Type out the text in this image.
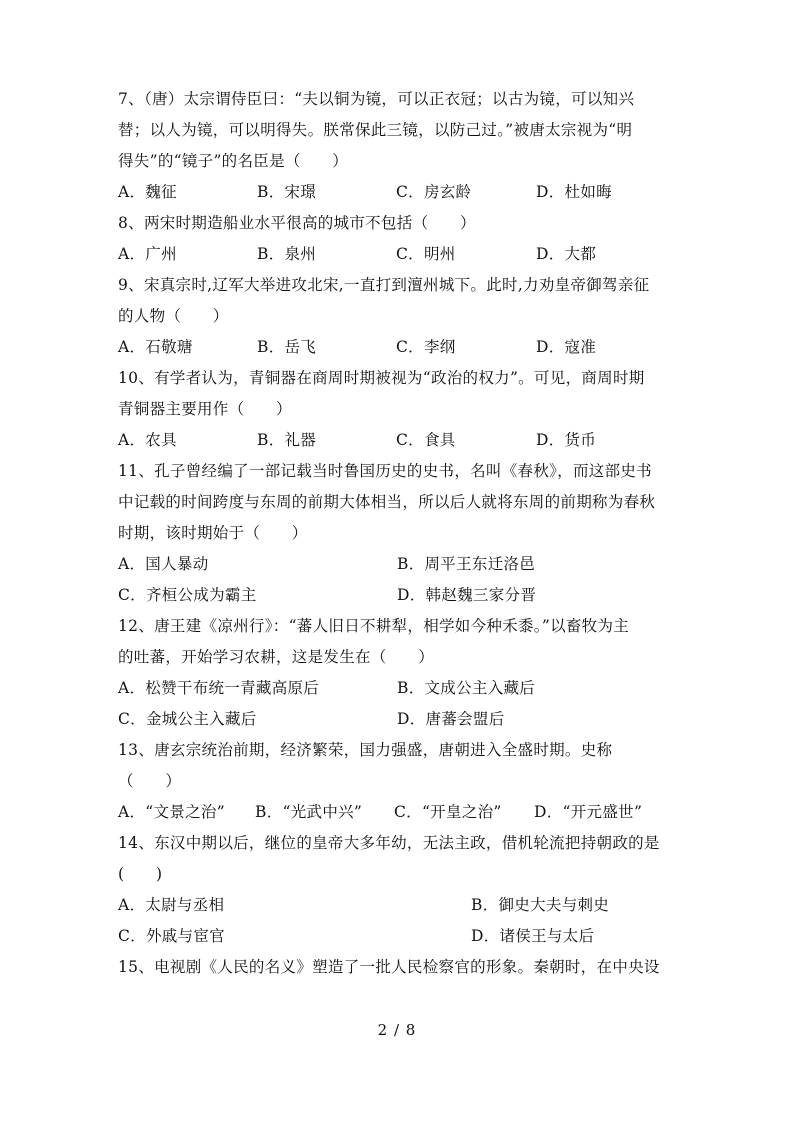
7、（唐）太宗谓侍臣曰：“夫以铜为镜，可以正衣冠；以古为镜，可以知兴
替；以人为镜，可以明得失。朕常保此三镜，以防己过。”被唐太宗视为“明
得失”的“镜子”的名臣是（　　）
A．魏征	B．宋璟	C．房玄龄	D．杜如晦
8、两宋时期造船业水平很高的城市不包括（　　）
A．广州	B．泉州	C．明州	D．大都
9、宋真宗时,辽军大举进攻北宋,一直打到澶州城下。此时,力劝皇帝御驾亲征
的人物（　　）
A．石敬瑭	B．岳飞	C．李纲	D．寇准
10、有学者认为，青铜器在商周时期被视为“政治的权力”。可见，商周时期
青铜器主要用作（　　）
A．农具	B．礼器	C．食具	D．货币
11、孔子曾经编了一部记载当时鲁国历史的史书，名叫《春秋》，而这部史书
中记载的时间跨度与东周的前期大体相当，所以后人就将东周的前期称为春秋
时期，该时期始于（　　）
A．国人暴动	B．周平王东迁洛邑
C．齐桓公成为霸主	D．韩赵魏三家分晋
12、唐王建《凉州行》：“蕃人旧日不耕犁，相学如今种禾黍。”以畜牧为主
的吐蕃，开始学习农耕，这是发生在（　　）
A．松赞干布统一青藏高原后	B．文成公主入藏后
C．金城公主入藏后	D．唐蕃会盟后
13、唐玄宗统治前期，经济繁荣，国力强盛，唐朝进入全盛时期。史称
（　　）
A．“文景之治” B．“光武中兴” C．“开皇之治” D．“开元盛世”
14、东汉中期以后，继位的皇帝大多年幼，无法主政，借机轮流把持朝政的是
(　　)
A．太尉与丞相	B．御史大夫与刺史
C．外戚与宦官	D．诸侯王与太后
15、电视剧《人民的名义》塑造了一批人民检察官的形象。秦朝时，在中央设
2 / 8
